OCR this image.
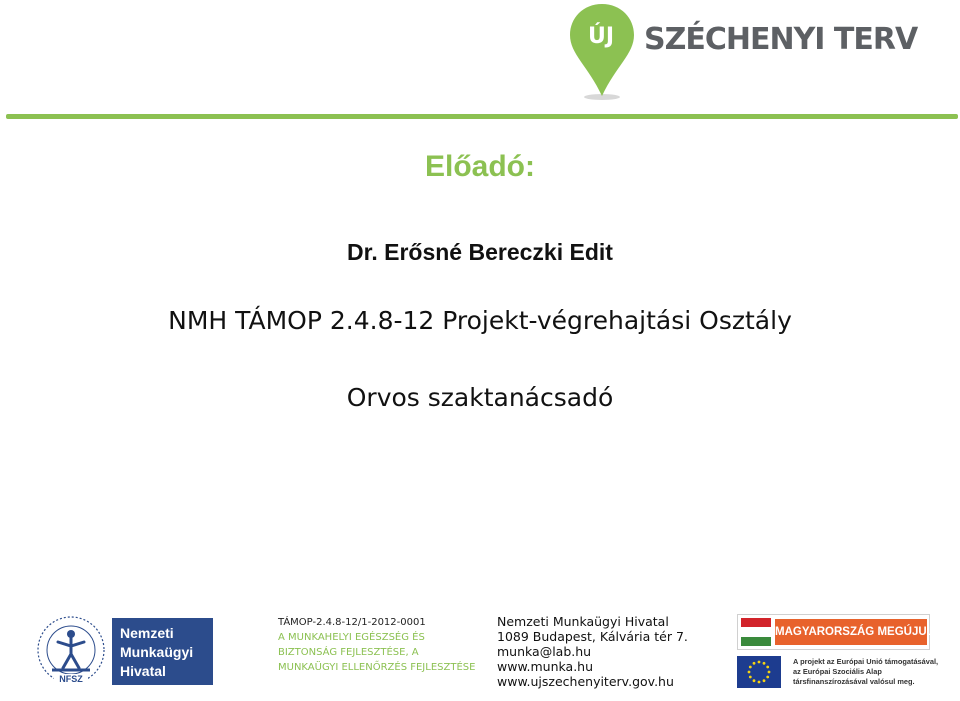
ÚJ SZÉCHENYI TERV
Előadó:
Dr. Erősné Bereczki Edit
NMH TÁMOP 2.4.8-12 Projekt-végrehajtási Osztály
Orvos szaktanácsadó
NFSZ
Nemzeti
Munkaügyi
Hivatal
TÁMOP-2.4.8-12/1-2012-0001
A MUNKAHELYI EGÉSZSÉG ÉS BIZTONSÁG FEJLESZTÉSE, A MUNKAÜGYI ELLENŐRZÉS FEJLESZTÉSE
Nemzeti Munkaügyi Hivatal
1089 Budapest, Kálvária tér 7.
munka@lab.hu
www.munka.hu
www.ujszechenyiterv.gov.hu
MAGYARORSZÁG MEGÚJUL
A projekt az Európai Unió támogatásával,
az Európai Szociális Alap
társfinanszírozásával valósul meg.
